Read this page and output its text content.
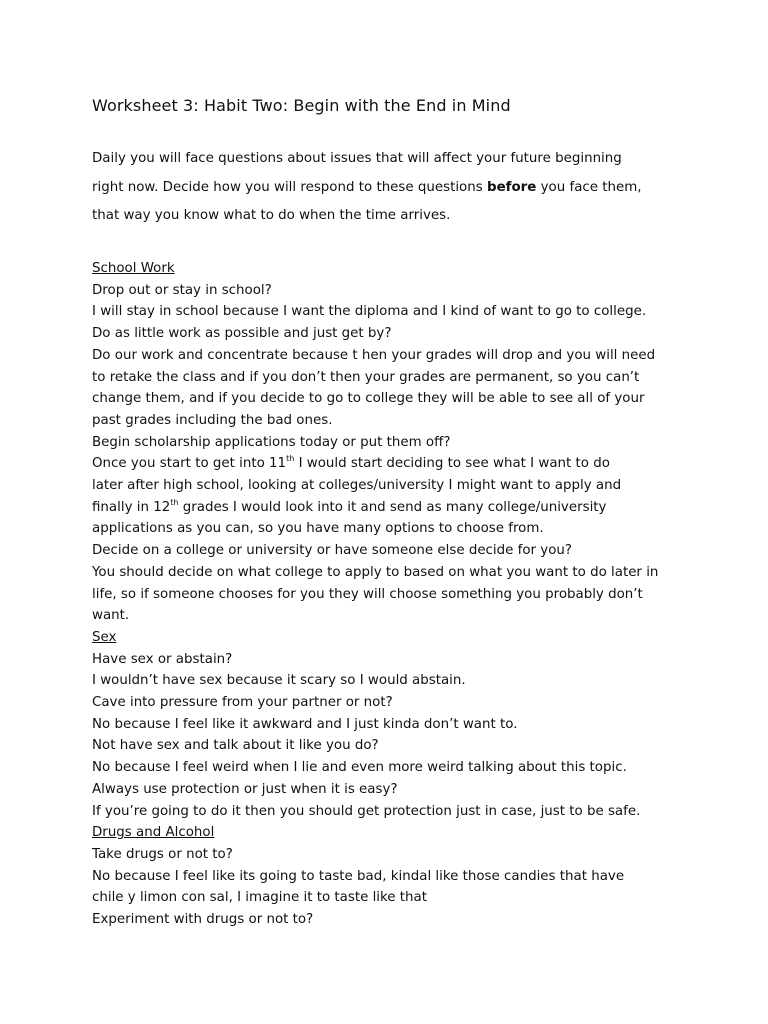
Worksheet 3: Habit Two: Begin with the End in Mind
Daily you will face questions about issues that will affect your future beginning
right now. Decide how you will respond to these questions before you face them,
that way you know what to do when the time arrives.
School Work
Drop out or stay in school?
I will stay in school because I want the diploma and I kind of want to go to college.
Do as little work as possible and just get by?
Do our work and concentrate because t hen your grades will drop and you will need
to retake the class and if you don’t then your grades are permanent, so you can’t
change them, and if you decide to go to college they will be able to see all of your
past grades including the bad ones.
Begin scholarship applications today or put them off?
Once you start to get into 11th I would start deciding to see what I want to do
later after high school, looking at colleges/university I might want to apply and
finally in 12th grades I would look into it and send as many college/university
applications as you can, so you have many options to choose from.
Decide on a college or university or have someone else decide for you?
You should decide on what college to apply to based on what you want to do later in
life, so if someone chooses for you they will choose something you probably don’t
want.
Sex
Have sex or abstain?
I wouldn’t have sex because it scary so I would abstain.
Cave into pressure from your partner or not?
No because I feel like it awkward and I just kinda don’t want to.
Not have sex and talk about it like you do?
No because I feel weird when I lie and even more weird talking about this topic.
Always use protection or just when it is easy?
If you’re going to do it then you should get protection just in case, just to be safe.
Drugs and Alcohol
Take drugs or not to?
No because I feel like its going to taste bad, kindal like those candies that have
chile y limon con sal, I imagine it to taste like that
Experiment with drugs or not to?
